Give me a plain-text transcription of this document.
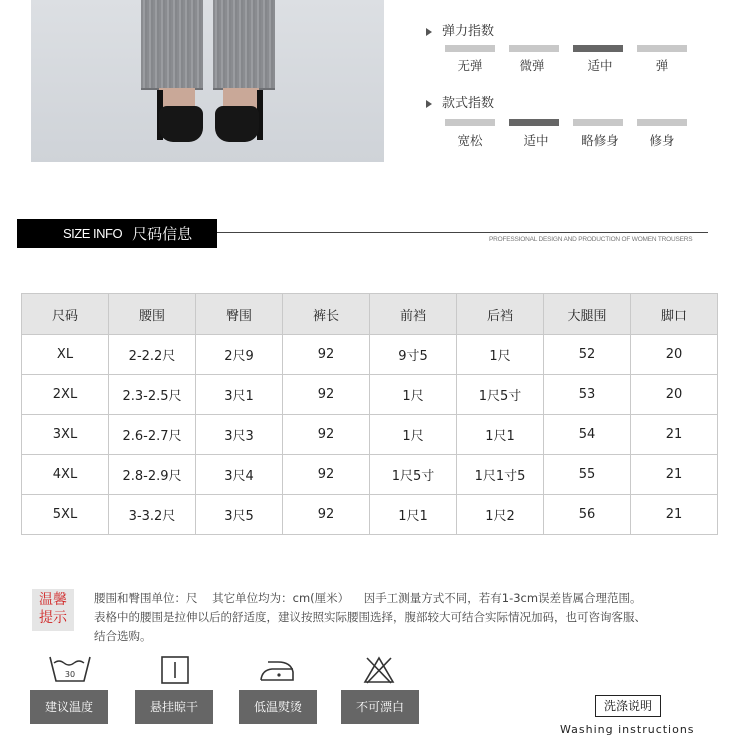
弹力指数
无弹	微弹	适中	弹
款式指数
宽松	适中	略修身	修身
SIZE INFO 尺码信息	PROFESSIONAL DESIGN AND PRODUCTION OF WOMEN TROUSERS
尺码	腰围	臀围	裤长	前裆	后裆	大腿围	脚口
XL	2-2.2尺	2尺9	92	9寸5	1尺	52	20
2XL	2.3-2.5尺	3尺1	92	1尺	1尺5寸	53	20
3XL	2.6-2.7尺	3尺3	92	1尺	1尺1	54	21
4XL	2.8-2.9尺	3尺4	92	1尺5寸	1尺1寸5	55	21
5XL	3-3.2尺	3尺5	92	1尺1	1尺2	56	21
温馨
提示
腰围和臀围单位：尺    其它单位均为：cm(厘米）    因手工测量方式不同，若有1-3cm误差皆属合理范围。
表格中的腰围是拉伸以后的舒适度，建议按照实际腰围选择，腹部较大可结合实际情况加码，也可咨询客服、
结合选购。
30
建议温度	悬挂晾干	低温熨烫	不可漂白	洗涤说明
Washing instructions
